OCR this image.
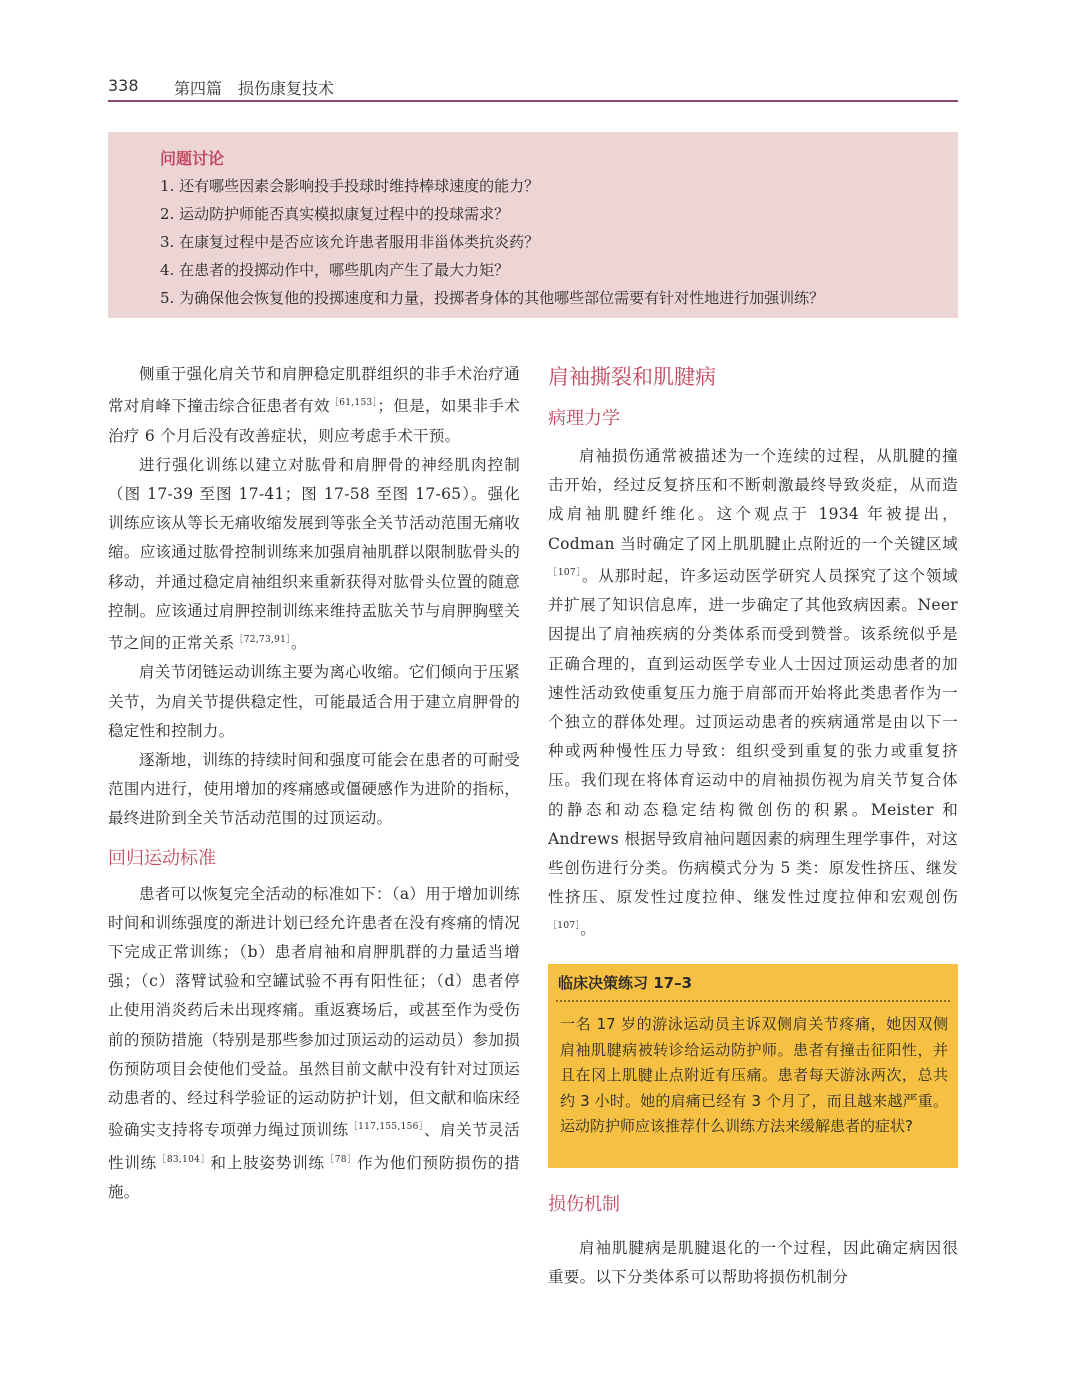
338 第四篇　损伤康复技术
问题讨论
1. 还有哪些因素会影响投手投球时维持棒球速度的能力？
2. 运动防护师能否真实模拟康复过程中的投球需求？
3. 在康复过程中是否应该允许患者服用非甾体类抗炎药？
4. 在患者的投掷动作中，哪些肌肉产生了最大力矩？
5. 为确保他会恢复他的投掷速度和力量，投掷者身体的其他哪些部位需要有针对性地进行加强训练？

侧重于强化肩关节和肩胛稳定肌群组织的非手术治疗通常对肩峰下撞击综合征患者有效$^{[61,153]}$；但是，如果非手术治疗 6 个月后没有改善症状，则应考虑手术干预。

进行强化训练以建立对肱骨和肩胛骨的神经肌肉控制（图 17-39 至图 17-41；图 17-58 至图 17-65）。强化训练应该从等长无痛收缩发展到等张全关节活动范围无痛收缩。应该通过肱骨控制训练来加强肩袖肌群以限制肱骨头的移动，并通过稳定肩袖组织来重新获得对肱骨头位置的随意控制。应该通过肩胛控制训练来维持盂肱关节与肩胛胸壁关节之间的正常关系$^{[72,73,91]}$。

肩关节闭链运动训练主要为离心收缩。它们倾向于压紧关节，为肩关节提供稳定性，可能最适合用于建立肩胛骨的稳定性和控制力。

逐渐地，训练的持续时间和强度可能会在患者的可耐受范围内进行，使用增加的疼痛感或僵硬感作为进阶的指标，最终进阶到全关节活动范围的过顶运动。

回归运动标准

患者可以恢复完全活动的标准如下：（a）用于增加训练时间和训练强度的渐进计划已经允许患者在没有疼痛的情况下完成正常训练；（b）患者肩袖和肩胛肌群的力量适当增强；（c）落臂试验和空罐试验不再有阳性征；（d）患者停止使用消炎药后未出现疼痛。重返赛场后，或甚至作为受伤前的预防措施（特别是那些参加过顶运动的运动员）参加损伤预防项目会使他们受益。虽然目前文献中没有针对过顶运动患者的、经过科学验证的运动防护计划，但文献和临床经验确实支持将专项弹力绳过顶训练$^{[117,155,156]}$、肩关节灵活性训练$^{[83,104]}$和上肢姿势训练$^{[78]}$作为他们预防损伤的措施。

肩袖撕裂和肌腱病
病理力学

肩袖损伤通常被描述为一个连续的过程，从肌腱的撞击开始，经过反复挤压和不断刺激最终导致炎症，从而造成肩袖肌腱纤维化。这个观点于 1934 年被提出，Codman 当时确定了冈上肌肌腱止点附近的一个关键区域$^{[107]}$。从那时起，许多运动医学研究人员探究了这个领域并扩展了知识信息库，进一步确定了其他致病因素。Neer 因提出了肩袖疾病的分类体系而受到赞誉。该系统似乎是正确合理的，直到运动医学专业人士因过顶运动患者的加速性活动致使重复压力施于肩部而开始将此类患者作为一个独立的群体处理。过顶运动患者的疾病通常是由以下一种或两种慢性压力导致：组织受到重复的张力或重复挤压。我们现在将体育运动中的肩袖损伤视为肩关节复合体的静态和动态稳定结构微创伤的积累。Meister 和 Andrews 根据导致肩袖问题因素的病理生理学事件，对这些创伤进行分类。伤病模式分为 5 类：原发性挤压、继发性挤压、原发性过度拉伸、继发性过度拉伸和宏观创伤$^{[107]}$。

临床决策练习 17–3
一名 17 岁的游泳运动员主诉双侧肩关节疼痛，她因双侧肩袖肌腱病被转诊给运动防护师。患者有撞击征阳性，并且在冈上肌腱止点附近有压痛。患者每天游泳两次，总共约 3 小时。她的肩痛已经有 3 个月了，而且越来越严重。运动防护师应该推荐什么训练方法来缓解患者的症状?
损伤机制

肩袖肌腱病是肌腱退化的一个过程，因此确定病因很重要。以下分类体系可以帮助将损伤机制分
